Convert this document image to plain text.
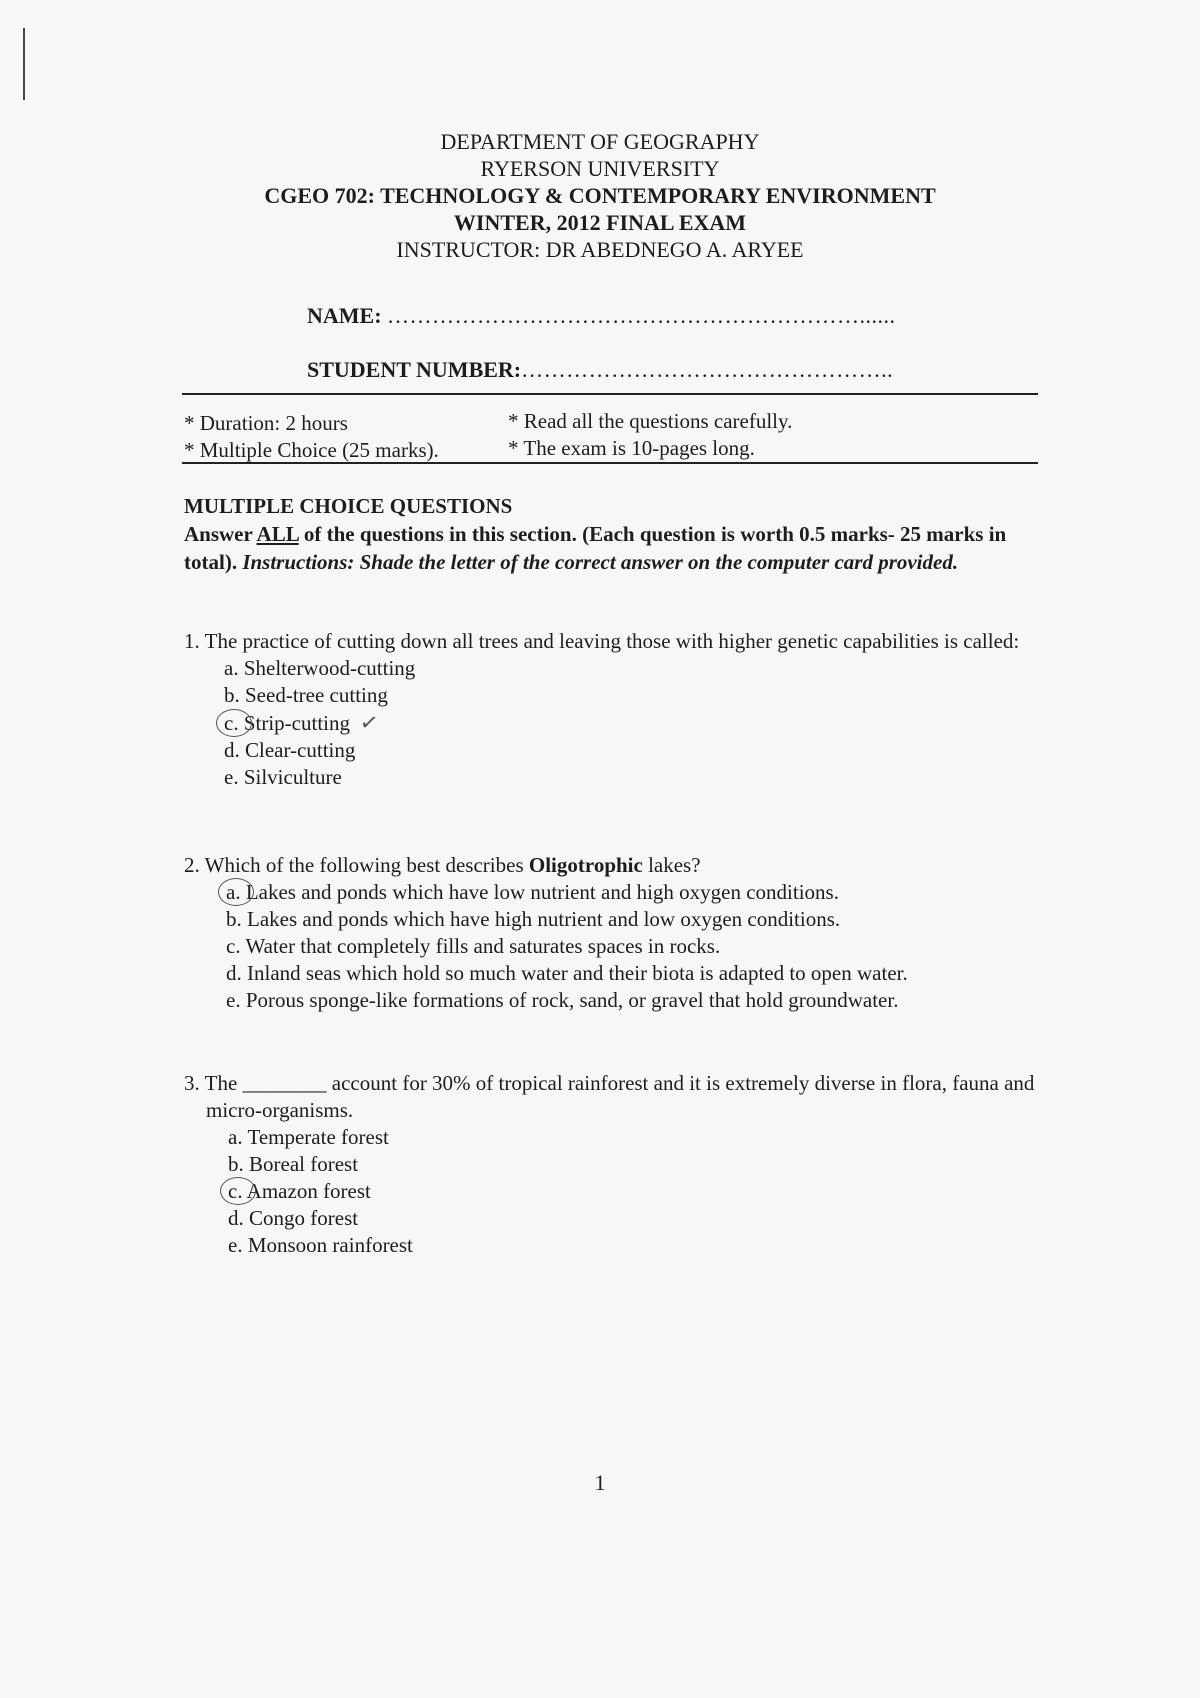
DEPARTMENT OF GEOGRAPHY
RYERSON UNIVERSITY
CGEO 702: TECHNOLOGY & CONTEMPORARY ENVIRONMENT
WINTER, 2012 FINAL EXAM
INSTRUCTOR: DR ABEDNEGO A. ARYEE
NAME: ………………………………………………………......
STUDENT NUMBER:…………………………………………..
* Duration: 2 hours	* Read all the questions carefully.
* Multiple Choice (25 marks).	* The exam is 10-pages long.
MULTIPLE CHOICE QUESTIONS
Answer ALL of the questions in this section. (Each question is worth 0.5 marks- 25 marks in total). Instructions: Shade the letter of the correct answer on the computer card provided.
1. The practice of cutting down all trees and leaving those with higher genetic capabilities is called:
a. Shelterwood-cutting
b. Seed-tree cutting
c. Strip-cutting ✓
d. Clear-cutting
e. Silviculture
2. Which of the following best describes Oligotrophic lakes?
a. Lakes and ponds which have low nutrient and high oxygen conditions.
b. Lakes and ponds which have high nutrient and low oxygen conditions.
c. Water that completely fills and saturates spaces in rocks.
d. Inland seas which hold so much water and their biota is adapted to open water.
e. Porous sponge-like formations of rock, sand, or gravel that hold groundwater.
3. The ________ account for 30% of tropical rainforest and it is extremely diverse in flora, fauna and micro-organisms.
a. Temperate forest
b. Boreal forest
c. Amazon forest
d. Congo forest
e. Monsoon rainforest
1
